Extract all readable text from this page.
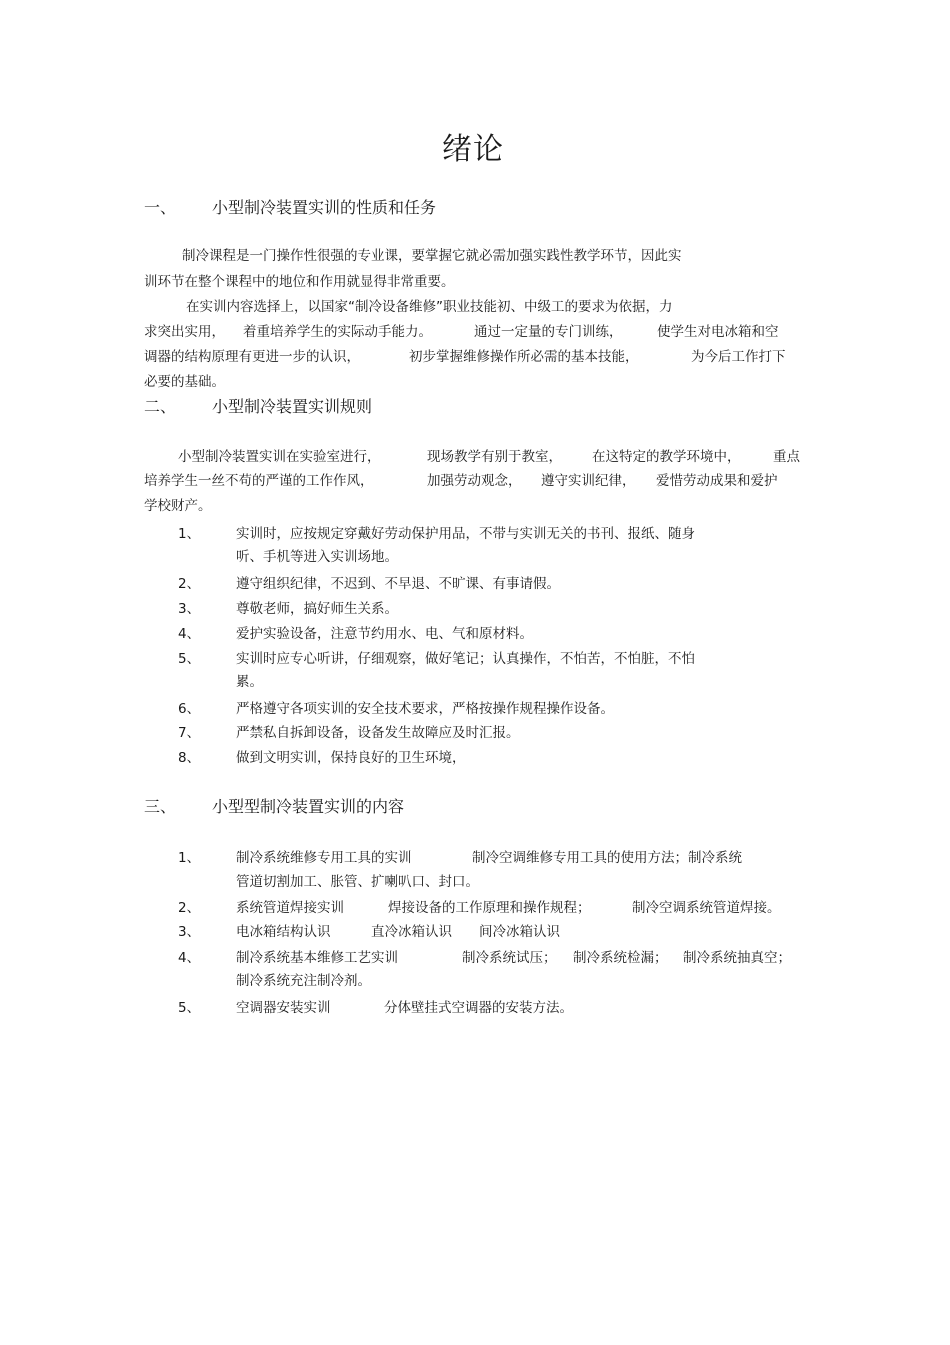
绪论
一、 小型制冷装置实训的性质和任务
制冷课程是一门操作性很强的专业课，要掌握它就必需加强实践性教学环节，因此实
训环节在整个课程中的地位和作用就显得非常重要。
在实训内容选择上，以国家“制冷设备维修”职业技能初、中级工的要求为依据，力
求突出实用， 着重培养学生的实际动手能力。	通过一定量的专门训练，	使学生对电冰箱和空
调器的结构原理有更进一步的认识，	初步掌握维修操作所必需的基本技能，	为今后工作打下
必要的基础。
二、 小型制冷装置实训规则
小型制冷装置实训在实验室进行，	现场教学有别于教室， 在这特定的教学环境中， 重点
培养学生一丝不苟的严谨的工作作风，	加强劳动观念， 遵守实训纪律， 爱惜劳动成果和爱护
学校财产。
1、	实训时，应按规定穿戴好劳动保护用品，不带与实训无关的书刊、报纸、随身
听、手机等进入实训场地。
2、	遵守组织纪律，不迟到、不早退、不旷课、有事请假。
3、	尊敬老师，搞好师生关系。
4、	爱护实验设备，注意节约用水、电、气和原材料。
5、	实训时应专心听讲，仔细观察，做好笔记；认真操作，不怕苦，不怕脏，不怕
累。
6、	严格遵守各项实训的安全技术要求，严格按操作规程操作设备。
7、	严禁私自拆卸设备，设备发生故障应及时汇报。
8、	做到文明实训，保持良好的卫生环境，
三、 小型型制冷装置实训的内容
1、	制冷系统维修专用工具的实训	制冷空调维修专用工具的使用方法；制冷系统
管道切割加工、胀管、扩喇叭口、封口。
2、	系统管道焊接实训	焊接设备的工作原理和操作规程；	制冷空调系统管道焊接。
3、	电冰箱结构认识	直冷冰箱认识 间冷冰箱认识
4、	制冷系统基本维修工艺实训	制冷系统试压； 制冷系统检漏； 制冷系统抽真空；
制冷系统充注制冷剂。
5、	空调器安装实训	分体壁挂式空调器的安装方法。
